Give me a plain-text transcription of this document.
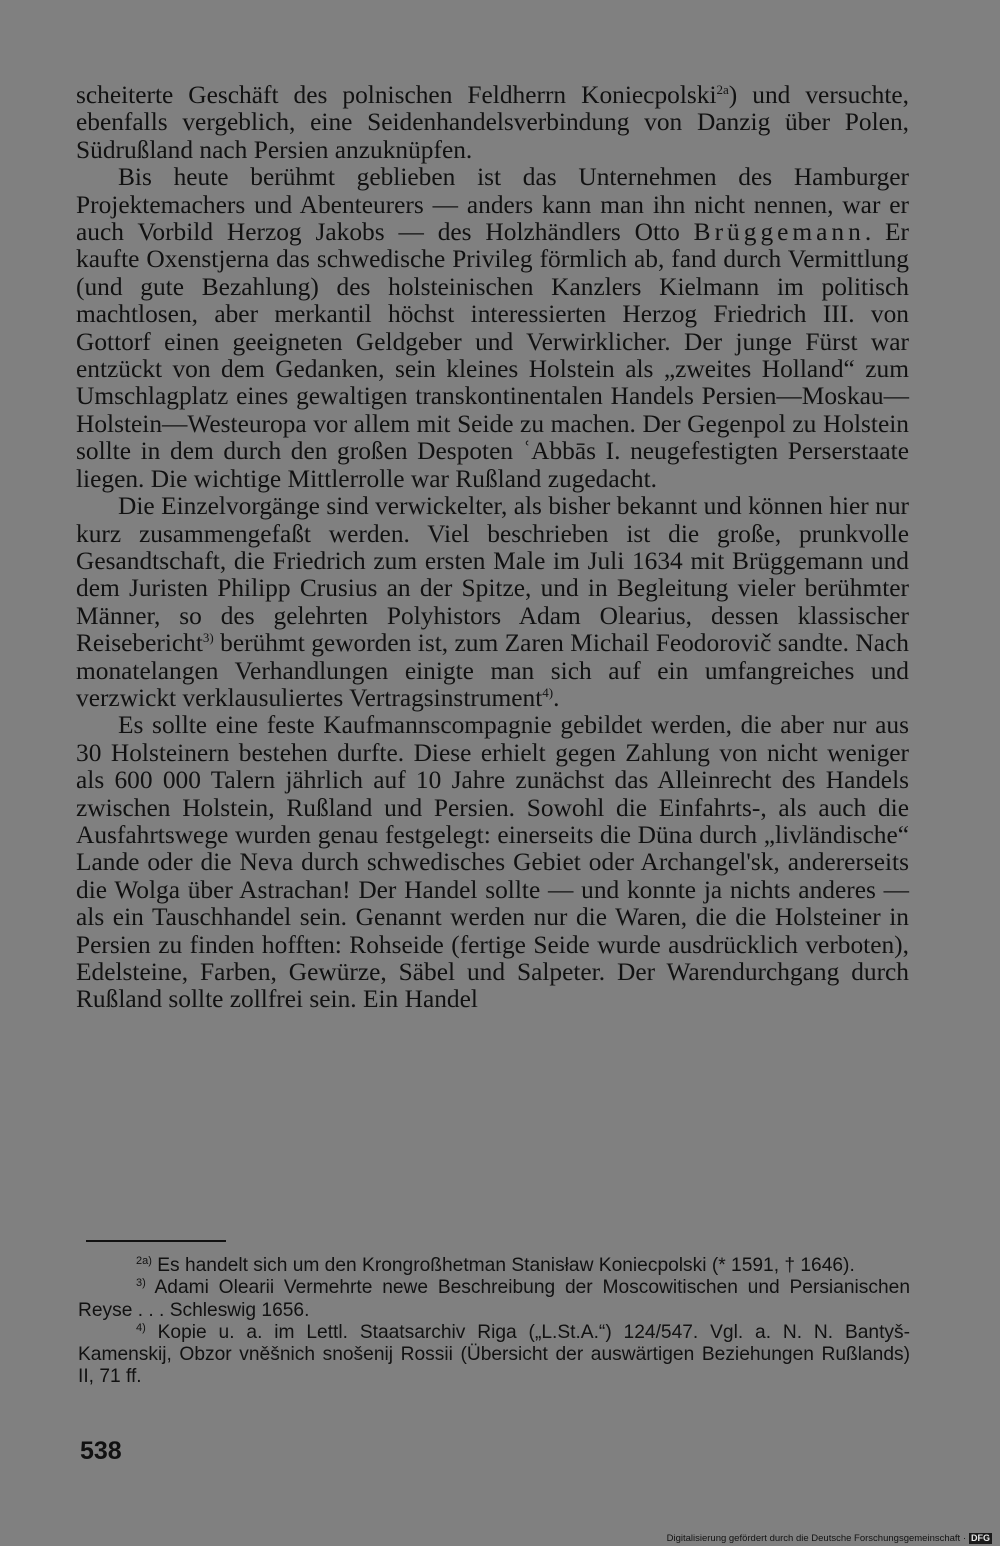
scheiterte Geschäft des polnischen Feldherrn Koniecpolski$^{2a}$) und versuchte, ebenfalls vergeblich, eine Seidenhandelsverbindung von Danzig über Polen, Südrußland nach Persien anzuknüpfen.

Bis heute berühmt geblieben ist das Unternehmen des Hamburger Projektemachers und Abenteurers — anders kann man ihn nicht nennen, war er auch Vorbild Herzog Jakobs — des Holzhändlers Otto Brüggemann. Er kaufte Oxenstjerna das schwedische Privileg förmlich ab, fand durch Vermittlung (und gute Bezahlung) des holsteinischen Kanzlers Kielmann im politisch machtlosen, aber merkantil höchst interessierten Herzog Friedrich III. von Gottorf einen geeigneten Geldgeber und Verwirklicher. Der junge Fürst war entzückt von dem Gedanken, sein kleines Holstein als „zweites Holland“ zum Umschlagplatz eines gewaltigen transkontinentalen Handels Persien—Moskau—Holstein—Westeuropa vor allem mit Seide zu machen. Der Gegenpol zu Holstein sollte in dem durch den großen Despoten ʿAbbās I. neugefestigten Perserstaate liegen. Die wichtige Mittlerrolle war Rußland zugedacht.

Die Einzelvorgänge sind verwickelter, als bisher bekannt und können hier nur kurz zusammengefaßt werden. Viel beschrieben ist die große, prunkvolle Gesandtschaft, die Friedrich zum ersten Male im Juli 1634 mit Brüggemann und dem Juristen Philipp Crusius an der Spitze, und in Begleitung vieler berühmter Männer, so des gelehrten Polyhistors Adam Olearius, dessen klassischer Reisebericht$^{3)}$ berühmt geworden ist, zum Zaren Michail Feodorovič sandte. Nach monatelangen Verhandlungen einigte man sich auf ein umfangreiches und verzwickt verklausuliertes Vertragsinstrument$^{4)}$.

Es sollte eine feste Kaufmannscompagnie gebildet werden, die aber nur aus 30 Holsteinern bestehen durfte. Diese erhielt gegen Zahlung von nicht weniger als 600 000 Talern jährlich auf 10 Jahre zunächst das Alleinrecht des Handels zwischen Holstein, Rußland und Persien. Sowohl die Einfahrts-, als auch die Ausfahrtswege wurden genau festgelegt: einerseits die Düna durch „livländische“ Lande oder die Neva durch schwedisches Gebiet oder Archangel'sk, andererseits die Wolga über Astrachan! Der Handel sollte — und konnte ja nichts anderes — als ein Tauschhandel sein. Genannt werden nur die Waren, die die Holsteiner in Persien zu finden hofften: Rohseide (fertige Seide wurde ausdrücklich verboten), Edelsteine, Farben, Gewürze, Säbel und Salpeter. Der Warendurchgang durch Rußland sollte zollfrei sein. Ein Handel

$^{2a)}$ Es handelt sich um den Krongroßhetman Stanisław Koniecpolski (* 1591, † 1646).

$^{3)}$ Adami Olearii Vermehrte newe Beschreibung der Moscowitischen und Persianischen Reyse . . . Schleswig 1656.

$^{4)}$ Kopie u. a. im Lettl. Staatsarchiv Riga („L.St.A.“) 124/547. Vgl. a. N. N. Bantyš-Kamenskij, Obzor vněšnich snošenij Rossii (Übersicht der auswärtigen Beziehungen Rußlands) II, 71 ff.

538
Digitalisierung gefördert durch die Deutsche Forschungsgemeinschaft · DFG
